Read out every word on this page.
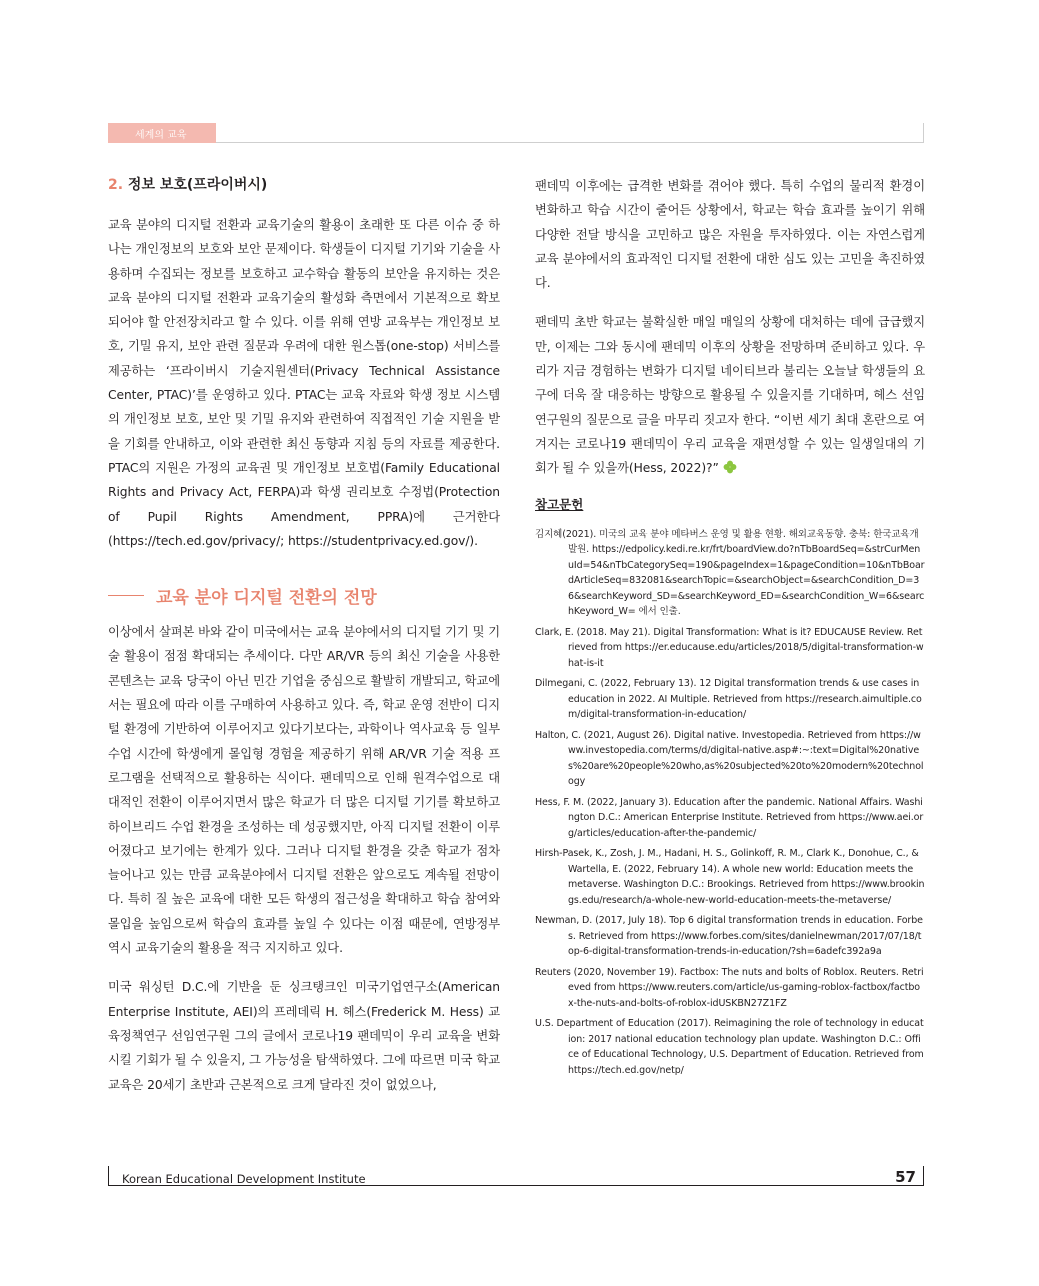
세계의 교육
2. 정보 보호(프라이버시)

교육 분야의 디지털 전환과 교육기술의 활용이 초래한 또 다른 이슈 중 하나는 개인정보의 보호와 보안 문제이다. 학생들이 디지털 기기와 기술을 사용하며 수집되는 정보를 보호하고 교수학습 활동의 보안을 유지하는 것은 교육 분야의 디지털 전환과 교육기술의 활성화 측면에서 기본적으로 확보되어야 할 안전장치라고 할 수 있다. 이를 위해 연방 교육부는 개인정보 보호, 기밀 유지, 보안 관련 질문과 우려에 대한 원스톱(one-stop) 서비스를 제공하는 ‘프라이버시 기술지원센터(Privacy Technical Assistance Center, PTAC)’를 운영하고 있다. PTAC는 교육 자료와 학생 정보 시스템의 개인정보 보호, 보안 및 기밀 유지와 관련하여 직접적인 기술 지원을 받을 기회를 안내하고, 이와 관련한 최신 동향과 지침 등의 자료를 제공한다. PTAC의 지원은 가정의 교육권 및 개인정보 보호법(Family Educational Rights and Privacy Act, FERPA)과 학생 권리보호 수정법(Protection of Pupil Rights Amendment, PPRA)에 근거한다(https://tech.ed.gov/privacy/; https://studentprivacy.ed.gov/).

교육 분야 디지털 전환의 전망

이상에서 살펴본 바와 같이 미국에서는 교육 분야에서의 디지털 기기 및 기술 활용이 점점 확대되는 추세이다. 다만 AR/VR 등의 최신 기술을 사용한 콘텐츠는 교육 당국이 아닌 민간 기업을 중심으로 활발히 개발되고, 학교에서는 필요에 따라 이를 구매하여 사용하고 있다. 즉, 학교 운영 전반이 디지털 환경에 기반하여 이루어지고 있다기보다는, 과학이나 역사교육 등 일부 수업 시간에 학생에게 몰입형 경험을 제공하기 위해 AR/VR 기술 적용 프로그램을 선택적으로 활용하는 식이다. 팬데믹으로 인해 원격수업으로 대대적인 전환이 이루어지면서 많은 학교가 더 많은 디지털 기기를 확보하고 하이브리드 수업 환경을 조성하는 데 성공했지만, 아직 디지털 전환이 이루어졌다고 보기에는 한계가 있다. 그러나 디지털 환경을 갖춘 학교가 점차 늘어나고 있는 만큼 교육분야에서 디지털 전환은 앞으로도 계속될 전망이다. 특히 질 높은 교육에 대한 모든 학생의 접근성을 확대하고 학습 참여와 몰입을 높임으로써 학습의 효과를 높일 수 있다는 이점 때문에, 연방정부 역시 교육기술의 활용을 적극 지지하고 있다.

미국 워싱턴 D.C.에 기반을 둔 싱크탱크인 미국기업연구소(American Enterprise Institute, AEI)의 프레데릭 H. 헤스(Frederick M. Hess) 교육정책연구 선임연구원 그의 글에서 코로나19 팬데믹이 우리 교육을 변화시킬 기회가 될 수 있을지, 그 가능성을 탐색하였다. 그에 따르면 미국 학교교육은 20세기 초반과 근본적으로 크게 달라진 것이 없었으나,

팬데믹 이후에는 급격한 변화를 겪어야 했다. 특히 수업의 물리적 환경이 변화하고 학습 시간이 줄어든 상황에서, 학교는 학습 효과를 높이기 위해 다양한 전달 방식을 고민하고 많은 자원을 투자하였다. 이는 자연스럽게 교육 분야에서의 효과적인 디지털 전환에 대한 심도 있는 고민을 촉진하였다.

팬데믹 초반 학교는 불확실한 매일 매일의 상황에 대처하는 데에 급급했지만, 이제는 그와 동시에 팬데믹 이후의 상황을 전망하며 준비하고 있다. 우리가 지금 경험하는 변화가 디지털 네이티브라 불리는 오늘날 학생들의 요구에 더욱 잘 대응하는 방향으로 활용될 수 있을지를 기대하며, 헤스 선임연구원의 질문으로 글을 마무리 짓고자 한다. “이번 세기 최대 혼란으로 여겨지는 코로나19 팬데믹이 우리 교육을 재편성할 수 있는 일생일대의 기회가 될 수 있을까(Hess, 2022)?”

참고문헌
김지혜(2021). 미국의 교육 분야 메타버스 운영 및 활용 현황. 해외교육동향. 충북: 한국교육개발원. https://edpolicy.kedi.re.kr/frt/boardView.do?nTbBoardSeq=&strCurMenuId=54&nTbCategorySeq=190&pageIndex=1&pageCondition=10&nTbBoardArticleSeq=832081&searchTopic=&searchObject=&searchCondition_D=36&searchKeyword_SD=&searchKeyword_ED=&searchCondition_W=6&searchKeyword_W= 에서 인출.
Clark, E. (2018. May 21). Digital Transformation: What is it? EDUCAUSE Review. Retrieved from https://er.educause.edu/articles/2018/5/digital-transformation-what-is-it
Dilmegani, C. (2022, February 13). 12 Digital transformation trends & use cases in education in 2022. AI Multiple. Retrieved from https://research.aimultiple.com/digital-transformation-in-education/
Halton, C. (2021, August 26). Digital native. Investopedia. Retrieved from https://www.investopedia.com/terms/d/digital-native.asp#:~:text=Digital%20natives%20are%20people%20who,as%20subjected%20to%20modern%20technology
Hess, F. M. (2022, January 3). Education after the pandemic. National Affairs. Washington D.C.: American Enterprise Institute. Retrieved from https://www.aei.org/articles/education-after-the-pandemic/
Hirsh-Pasek, K., Zosh, J. M., Hadani, H. S., Golinkoff, R. M., Clark K., Donohue, C., & Wartella, E. (2022, February 14). A whole new world: Education meets the metaverse. Washington D.C.: Brookings. Retrieved from https://www.brookings.edu/research/a-whole-new-world-education-meets-the-metaverse/
Newman, D. (2017, July 18). Top 6 digital transformation trends in education. Forbes. Retrieved from https://www.forbes.com/sites/danielnewman/2017/07/18/top-6-digital-transformation-trends-in-education/?sh=6adefc392a9a
Reuters (2020, November 19). Factbox: The nuts and bolts of Roblox. Reuters. Retrieved from https://www.reuters.com/article/us-gaming-roblox-factbox/factbox-the-nuts-and-bolts-of-roblox-idUSKBN27Z1FZ
U.S. Department of Education (2017). Reimagining the role of technology in education: 2017 national education technology plan update. Washington D.C.: Office of Educational Technology, U.S. Department of Education. Retrieved from https://tech.ed.gov/netp/
Korean Educational Development Institute	57
